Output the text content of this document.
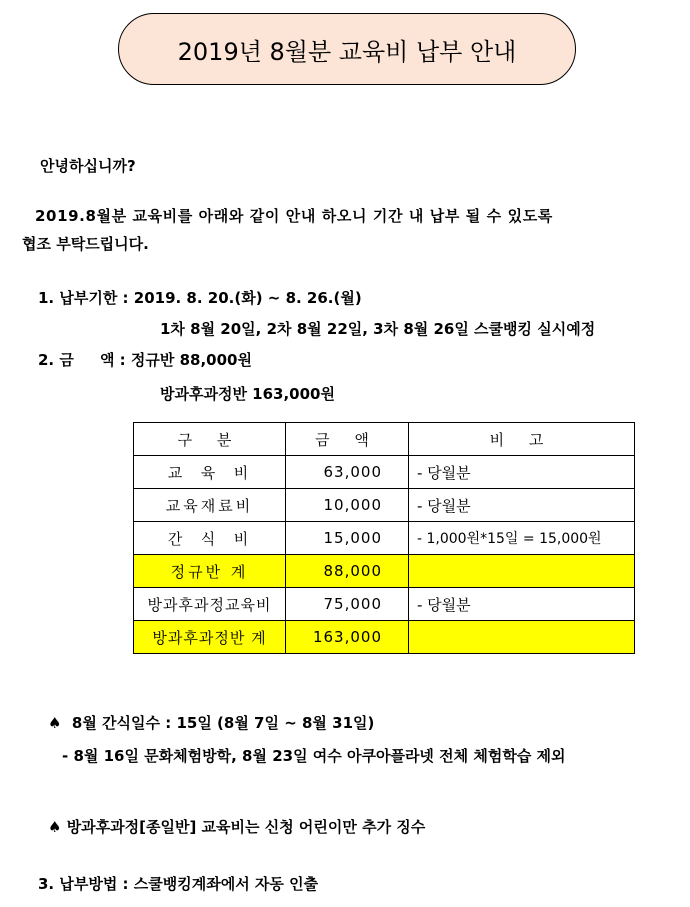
2019년 8월분 교육비 납부 안내
안녕하십니까?
2019.8월분 교육비를 아래와 같이 안내 하오니 기간 내 납부 될 수 있도록
협조 부탁드립니다.
1. 납부기한 : 2019. 8. 20.(화) ~ 8. 26.(월)
1차 8월 20일, 2차 8월 22일, 3차 8월 26일 스쿨뱅킹 실시예정
2. 금     액 : 정규반 88,000원
방과후과정반 163,000원
구 분	금 액	비 고
교  육  비	63,000	- 당월분
교육재료비	10,000	- 당월분
간  식  비	15,000	- 1,000원*15일 = 15,000원
정규반 계	88,000	
방과후과정교육비	75,000	- 당월분
방과후과정반 계	163,000	
♠ 8월 간식일수 : 15일 (8월 7일 ~ 8월 31일)
- 8월 16일 문화체험방학, 8월 23일 여수 아쿠아플라넷 전체 체험학습 제외
♠ 방과후과정[종일반] 교육비는 신청 어린이만 추가 징수
3. 납부방법 : 스쿨뱅킹계좌에서 자동 인출
